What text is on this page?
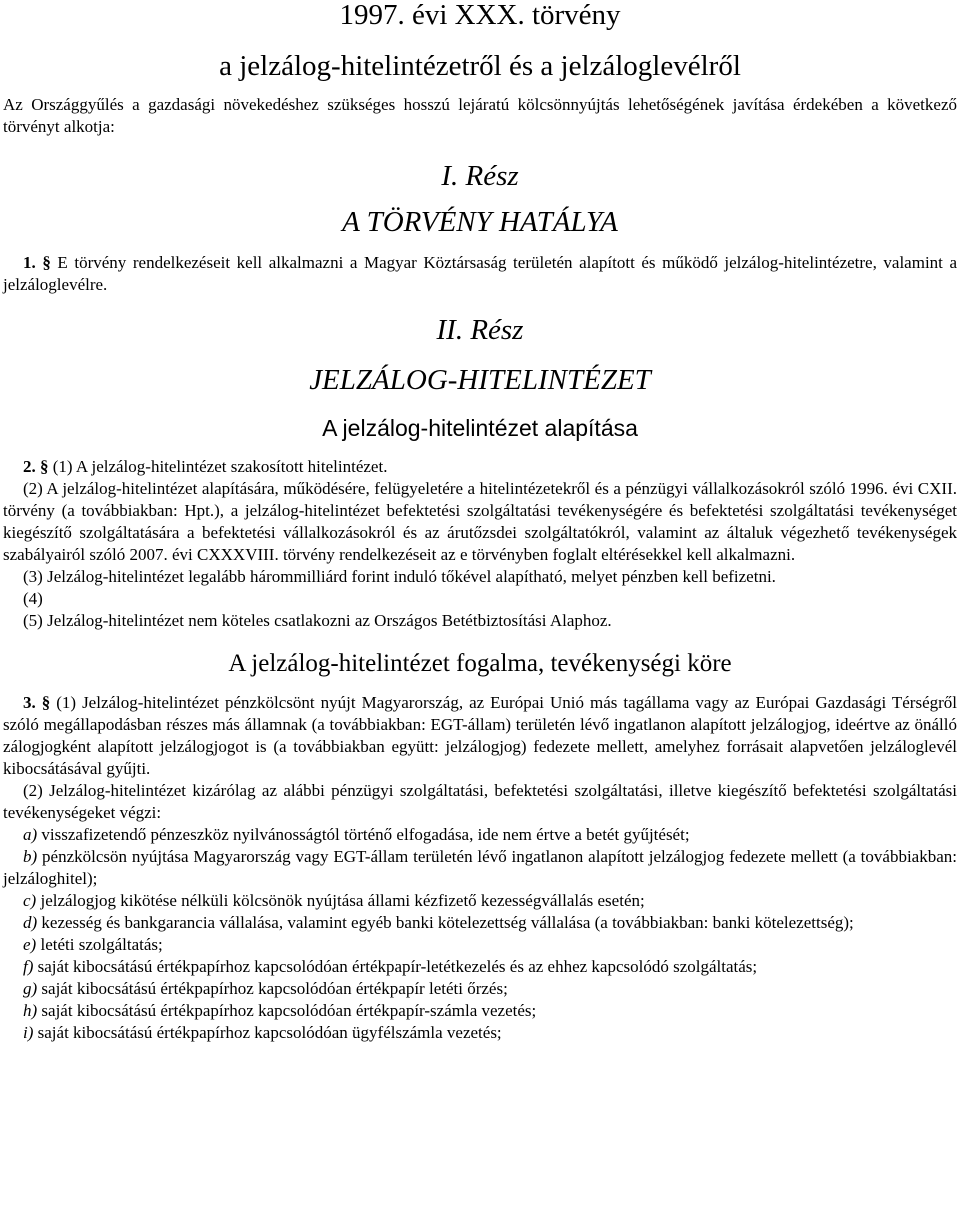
1997. évi XXX. törvény
a jelzálog-hitelintézetről és a jelzáloglevélről

Az Országgyűlés a gazdasági növekedéshez szükséges hosszú lejáratú kölcsönnyújtás lehetőségének javítása érdekében a következő törvényt alkotja:

I. Rész
A TÖRVÉNY HATÁLYA

1. § E törvény rendelkezéseit kell alkalmazni a Magyar Köztársaság területén alapított és működő jelzálog-hitelintézetre, valamint a jelzáloglevélre.

II. Rész
JELZÁLOG-HITELINTÉZET
A jelzálog-hitelintézet alapítása

2. § (1) A jelzálog-hitelintézet szakosított hitelintézet.

(2) A jelzálog-hitelintézet alapítására, működésére, felügyeletére a hitelintézetekről és a pénzügyi vállalkozásokról szóló 1996. évi CXII. törvény (a továbbiakban: Hpt.), a jelzálog-hitelintézet befektetési szolgáltatási tevékenységére és befektetési szolgáltatási tevékenységet kiegészítő szolgáltatására a befektetési vállalkozásokról és az árutőzsdei szolgáltatókról, valamint az általuk végezhető tevékenységek szabályairól szóló 2007. évi CXXXVIII. törvény rendelkezéseit az e törvényben foglalt eltérésekkel kell alkalmazni.

(3) Jelzálog-hitelintézet legalább hárommilliárd forint induló tőkével alapítható, melyet pénzben kell befizetni.

(4)

(5) Jelzálog-hitelintézet nem köteles csatlakozni az Országos Betétbiztosítási Alaphoz.

A jelzálog-hitelintézet fogalma, tevékenységi köre

3. § (1) Jelzálog-hitelintézet pénzkölcsönt nyújt Magyarország, az Európai Unió más tagállama vagy az Európai Gazdasági Térségről szóló megállapodásban részes más államnak (a továbbiakban: EGT-állam) területén lévő ingatlanon alapított jelzálogjog, ideértve az önálló zálogjogként alapított jelzálogjogot is (a továbbiakban együtt: jelzálogjog) fedezete mellett, amelyhez forrásait alapvetően jelzáloglevél kibocsátásával gyűjti.

(2) Jelzálog-hitelintézet kizárólag az alábbi pénzügyi szolgáltatási, befektetési szolgáltatási, illetve kiegészítő befektetési szolgáltatási tevékenységeket végzi:

a) visszafizetendő pénzeszköz nyilvánosságtól történő elfogadása, ide nem értve a betét gyűjtését;

b) pénzkölcsön nyújtása Magyarország vagy EGT-állam területén lévő ingatlanon alapított jelzálogjog fedezete mellett (a továbbiakban: jelzáloghitel);

c) jelzálogjog kikötése nélküli kölcsönök nyújtása állami kézfizető kezességvállalás esetén;

d) kezesség és bankgarancia vállalása, valamint egyéb banki kötelezettség vállalása (a továbbiakban: banki kötelezettség);

e) letéti szolgáltatás;

f) saját kibocsátású értékpapírhoz kapcsolódóan értékpapír-letétkezelés és az ehhez kapcsolódó szolgáltatás;

g) saját kibocsátású értékpapírhoz kapcsolódóan értékpapír letéti őrzés;

h) saját kibocsátású értékpapírhoz kapcsolódóan értékpapír-számla vezetés;

i) saját kibocsátású értékpapírhoz kapcsolódóan ügyfélszámla vezetés;
